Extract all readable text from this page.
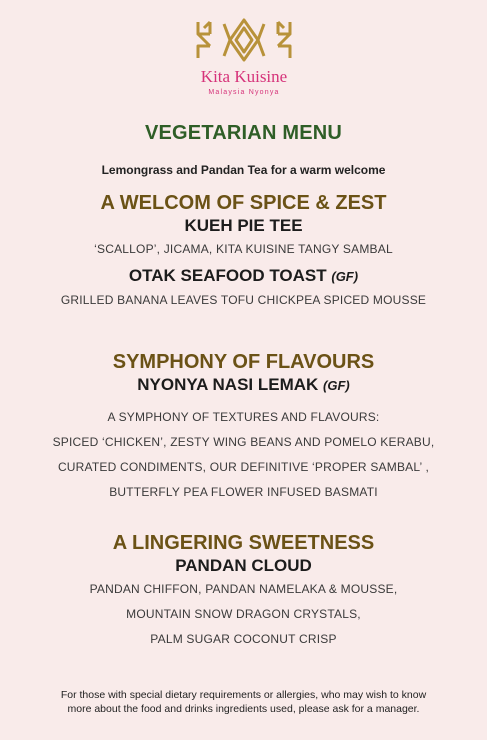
Kita Kuisine
Malaysia Nyonya

VEGETARIAN MENU

Lemongrass and Pandan Tea for a warm welcome

A WELCOM OF SPICE & ZEST

KUEH PIE TEE

‘SCALLOP’, JICAMA, KITA KUISINE TANGY SAMBAL

OTAK SEAFOOD TOAST (GF)

GRILLED BANANA LEAVES TOFU CHICKPEA SPICED MOUSSE

SYMPHONY OF FLAVOURS

NYONYA NASI LEMAK (GF)

A SYMPHONY OF TEXTURES AND FLAVOURS:

SPICED ‘CHICKEN’, ZESTY WING BEANS AND POMELO KERABU,

CURATED CONDIMENTS, OUR DEFINITIVE ‘PROPER SAMBAL’ ,

BUTTERFLY PEA FLOWER INFUSED BASMATI

A LINGERING SWEETNESS

PANDAN CLOUD

PANDAN CHIFFON, PANDAN NAMELAKA & MOUSSE,

MOUNTAIN SNOW DRAGON CRYSTALS,

PALM SUGAR COCONUT CRISP

For those with special dietary requirements or allergies, who may wish to know
more about the food and drinks ingredients used, please ask for a manager.
